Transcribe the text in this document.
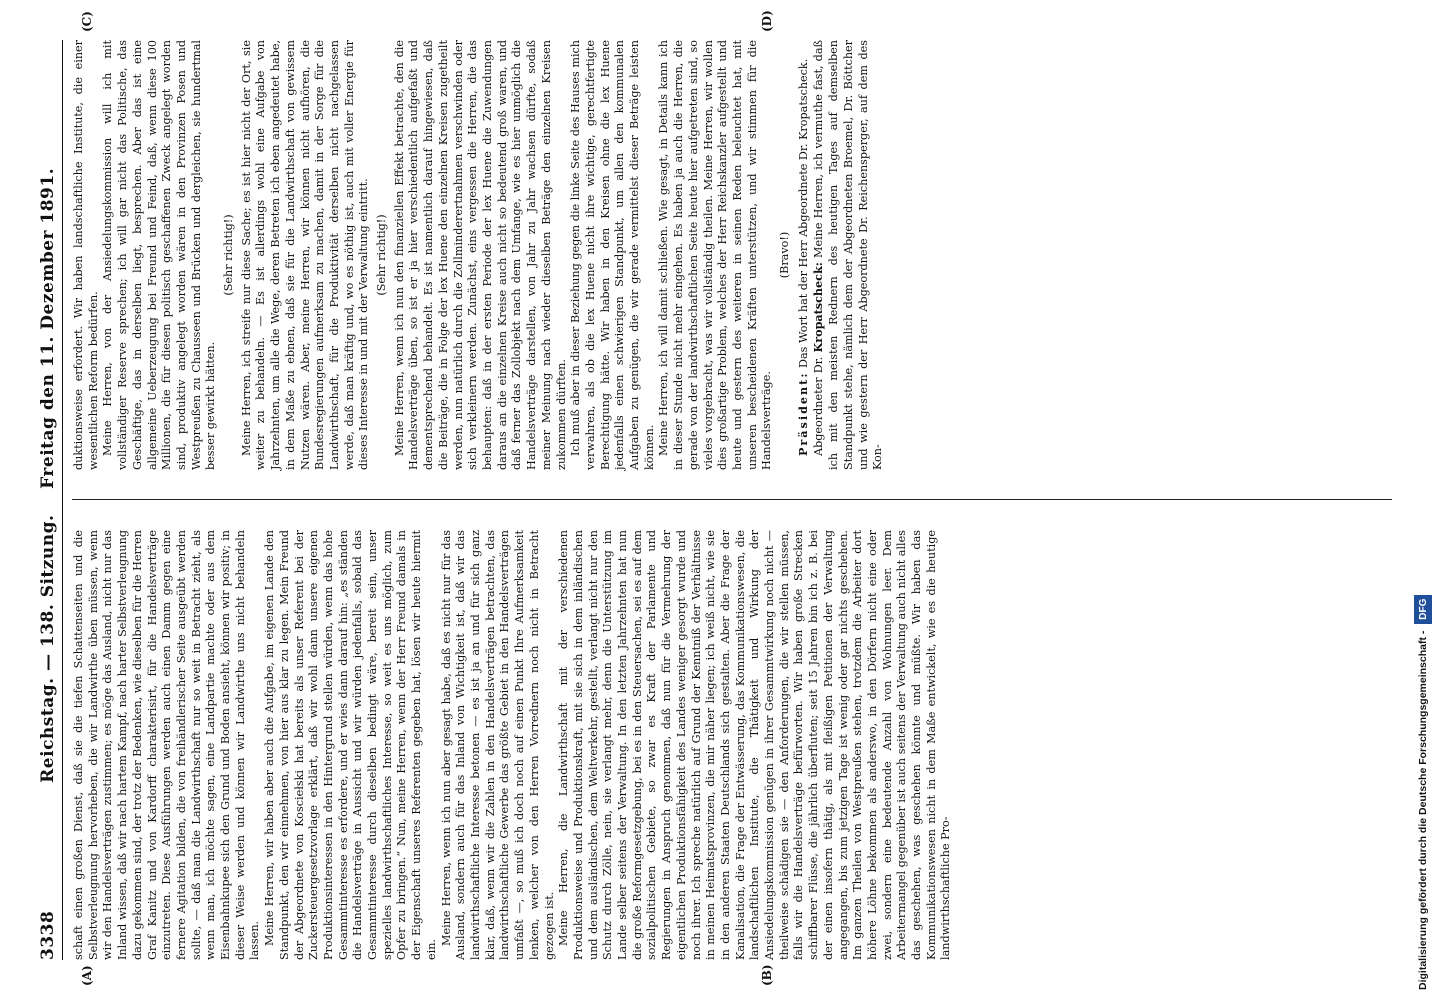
3338
Reichstag. — 138. Sitzung.    Freitag den 11. Dezember 1891.
(A)	(B)
(C)	(D)

schaft einen großen Dienst, daß sie die tiefen Schattenseiten und die Selbstverleugnung hervorheben, die wir Landwirthe üben müssen, wenn wir den Handelsverträgen zustimmen; es möge das Ausland, nicht nur das Inland wissen, daß wir nach hartem Kampf, nach harter Selbstverleugnung dazu gekommen sind, der trotz der Bedenken, wie dieselben für die Herren Graf Kanitz und von Kardorff charakterisirt, für die Handelsverträge einzutreten. Diese Ausführungen werden auch einen Damm gegen eine fernere Agitation bilden, die von freihändlerischer Seite ausgeübt werden sollte, — daß man die Landwirthschaft nur so weit in Betracht zieht, als wenn man, ich möchte sagen, eine Landpartie machte oder aus dem Eisenbahnkupee sich den Grund und Boden ansieht, können wir positiv; in dieser Weise werden und können wir Landwirthe uns nicht behandeln lassen. Meine Herren, wir haben aber auch die Aufgabe, im eigenen Lande den Standpunkt, den wir einnehmen, von hier aus klar zu legen. Mein Freund der Abgeordnete von Kosciełski hat bereits als unser Referent bei der Zuckersteuergesetzvorlage erklärt, daß wir wohl dann unsere eigenen Produktionsinteressen in den Hintergrund stellen würden, wenn das hohe Gesammtinteresse es erfordere, und er wies dann darauf hin: „es ständen die Handelsverträge in Aussicht und wir würden jedenfalls, sobald das Gesammtinteresse durch dieselben bedingt wäre, bereit sein, unser spezielles landwirthschaftliches Interesse, so weit es uns möglich, zum Opfer zu bringen.“ Nun, meine Herren, wenn der Herr Freund damals in der Eigenschaft unseres Referenten gegeben hat, lösen wir heute hiermit ein.

Meine Herren, wenn ich nun aber gesagt habe, daß es nicht nur für das Ausland, sondern auch für das Inland von Wichtigkeit ist, daß wir das landwirthschaftliche Interesse betonen — es ist ja an und für sich ganz klar, daß, wenn wir die Zahlen in den Handelsverträgen betrachten, das landwirthschaftliche Gewerbe das größte Gebiet in den Handelsverträgen umfaßt —, so muß ich doch noch auf einen Punkt Ihre Aufmerksamkeit lenken, welcher von den Herren Vorrednern noch nicht in Betracht gezogen ist. Meine Herren, die Landwirthschaft mit der verschiedenen Produktionsweise und Produktionskraft, mit sie sich in dem inländischen und dem ausländischen, dem Weltverkehr, gestellt, verlangt nicht nur den Schutz durch Zölle, nein, sie verlangt mehr, denn die Unterstützung im Lande selber seitens der Verwaltung. In den letzten Jahrzehnten hat nun die große Reformgesetzgebung, bei es in den Steuersachen, sei es auf dem sozialpolitischen Gebiete, so zwar es Kraft der Parlamente und Regierungen in Anspruch genommen, daß nun für die Vermehrung der eigentlichen Produktionsfähigkeit des Landes weniger gesorgt wurde und noch ihrer. Ich spreche natürlich auf Grund der Kenntniß der Verhältnisse in meinen Heimatsprovinzen, die mir näher liegen; ich weiß nicht, wie sie in den anderen Staaten Deutschlands sich gestalten. Aber die Frage der Kanalisation, die Frage der Entwässerung, das Kommunikationswesen, die landschaftlichen Institute, die Thätigkeit und Wirkung der Ansiedelungskommission genügen in ihrer Gesammtwirkung noch nicht — theilweise schädigen sie — den Anforderungen, die wir stellen müssen, falls wir die Handelsverträge befürworten. Wir haben große Strecken schiffbarer Flüsse, die jährlich überfluten; seit 15 Jahren bin ich z. B. bei der einen insofern thätig, als mit fleißigen Petitionen der Verwaltung angegangen, bis zum jetzigen Tage ist wenig oder gar nichts geschehen. Im ganzen Theilen von Westpreußen stehen, trotzdem die Arbeiter dort höhere Löhne bekommen als anderswo, in den Dörfern nicht eine oder zwei, sondern eine bedeutende Anzahl von Wohnungen leer. Dem Arbeitermangel gegenüber ist auch seitens der Verwaltung auch nicht alles das geschehen, was geschehen könnte und müßte. Wir haben das Kommunikationswesen nicht in dem Maße entwickelt, wie es die heutige landwirthschaftliche Pro-

duktionsweise erfordert. Wir haben landschaftliche Institute, die einer wesentlichen Reform bedürfen. Meine Herren, von der Ansiedelungskommission will ich mit vollständiger Reserve sprechen; ich will gar nicht das Politische, das Geschäftige, das in derselben liegt, besprechen. Aber das ist eine allgemeine Ueberzeugung bei Freund und Feind, daß, wenn diese 100 Millionen, die für diesen politisch geschaffenen Zweck angelegt worden sind, produktiv angelegt worden wären in den Provinzen Posen und Westpreußen zu Chausseen und Brücken und dergleichen, sie hundertmal besser gewirkt hätten.

(Sehr richtig!) Meine Herren, ich streife nur diese Sache; es ist hier nicht der Ort, sie weiter zu behandeln. — Es ist allerdings wohl eine Aufgabe von Jahrzehnten, um alle die Wege, deren Betreten ich eben angedeutet habe, in dem Maße zu ebnen, daß sie für die Landwirthschaft von gewissem Nutzen wären. Aber, meine Herren, wir können nicht aufhören, die Bundesregierungen aufmerksam zu machen, damit in der Sorge für die Landwirthschaft, für die Produktivität derselben nicht nachgelassen werde, daß man kräftig und, wo es nöthig ist, auch mit voller Energie für dieses Interesse in und mit der Verwaltung eintritt. (Sehr richtig!) Meine Herren, wenn ich nun den finanziellen Effekt betrachte, den die Handelsverträge üben, so ist er ja hier verschiedentlich aufgefaßt und dementsprechend behandelt. Es ist namentlich darauf hingewiesen, daß die Beiträge, die in Folge der lex Huene den einzelnen Kreisen zugetheilt werden, nun natürlich durch die Zollminderertnahmen verschwinden oder sich verkleinern werden. Zunächst, eins vergessen die Herren, die das behaupten: daß in der ersten Periode der lex Huene die Zuwendungen daraus an die einzelnen Kreise auch nicht so bedeutend groß waren, und daß ferner das Zollobjekt nach dem Umfange, wie es hier unmöglich die Handelsverträge darstellen, von Jahr zu Jahr wachsen dürfte, sodaß meiner Meinung nach wieder dieselben Beträge den einzelnen Kreisen zukommen dürften. Ich muß aber in dieser Beziehung gegen die linke Seite des Hauses mich verwahren, als ob die lex Huene nicht ihre wichtige, gerechtfertigte Berechtigung hätte. Wir haben in den Kreisen ohne die lex Huene jedenfalls einen schwierigen Standpunkt, um allen den kommunalen Aufgaben zu genügen, die wir gerade vermittelst dieser Beträge leisten können. Meine Herren, ich will damit schließen. Wie gesagt, in Details kann ich in dieser Stunde nicht mehr eingehen. Es haben ja auch die Herren, die gerade von der landwirthschaftlichen Seite heute hier aufgetreten sind, so vieles vorgebracht, was wir vollständig theilen. Meine Herren, wir wollen dies großartige Problem, welches der Herr Reichskanzler aufgestellt und heute und gestern des weiteren in seinen Reden beleuchtet hat, mit unseren bescheidenen Kräften unterstützen, und wir stimmen für die Handelsverträge.

(Bravo!)

Präsident: Das Wort hat der Herr Abgeordnete Dr. Kropatscheck.

Abgeordneter Dr. Kropatscheck: Meine Herren, ich vermuthe fast, daß ich mit den meisten Rednern des heutigen Tages auf demselben Standpunkt stehe, nämlich dem der Abgeordneten Broemel, Dr. Böttcher und wie gestern der Herr Abgeordnete Dr. Reichensperger, auf dem des Kon-

Digitalisierung gefördert durch die Deutsche Forschungsgemeinschaft - DFG
